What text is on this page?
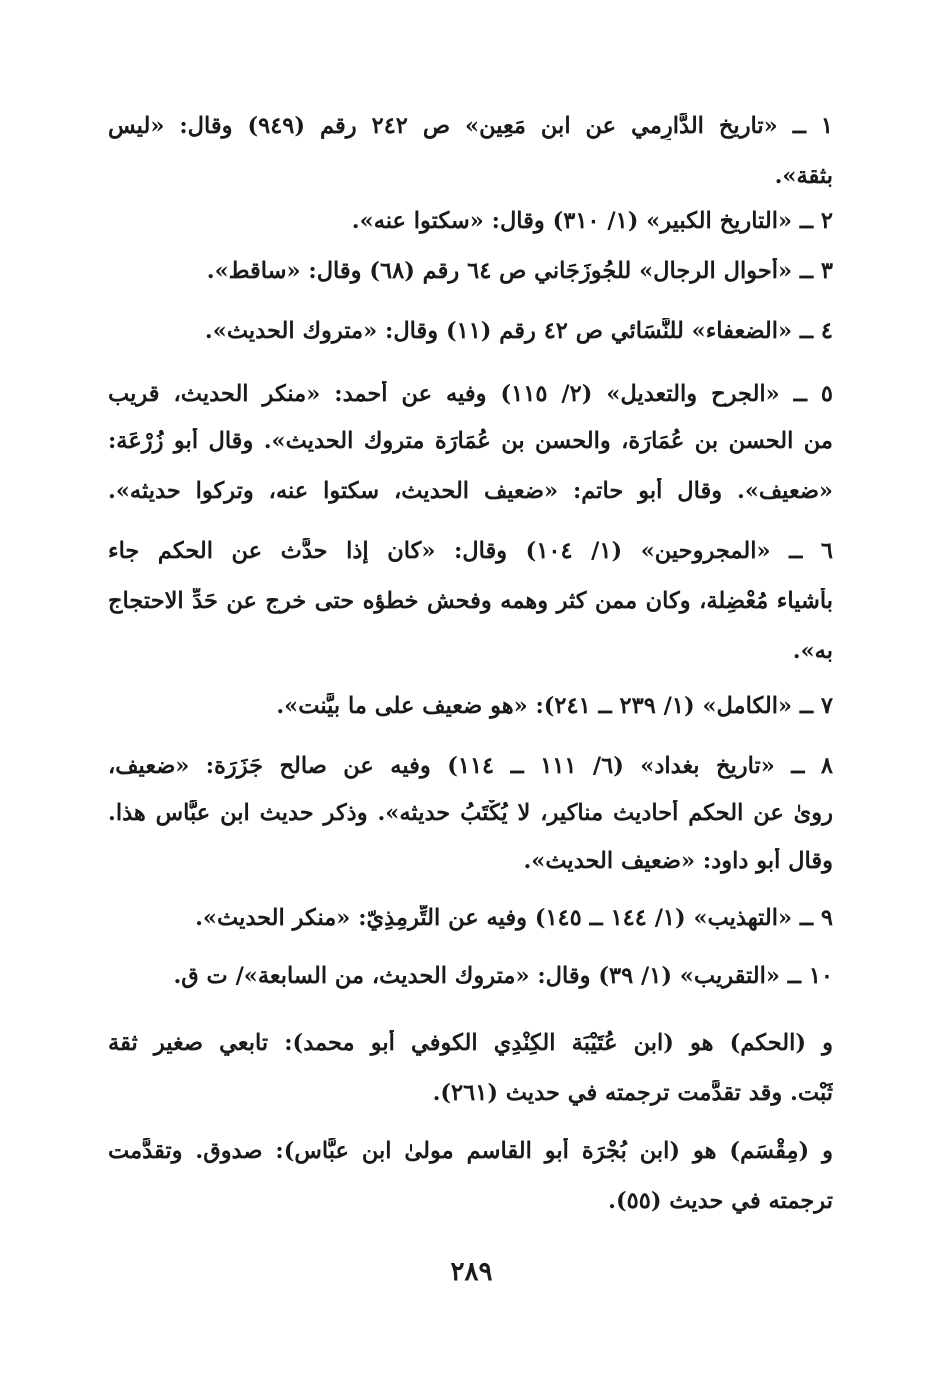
١ ــ «تاريخ الدَّارِمي عن ابن مَعِين» ص ٢٤٢ رقم (٩٤٩) وقال: «ليس
بثقة».
٢ ــ «التاريخ الكبير» (١/ ٣١٠) وقال: «سكتوا عنه».
٣ ــ «أحوال الرجال» للجُوزَجَاني ص ٦٤ رقم (٦٨) وقال: «ساقط».
٤ ــ «الضعفاء» للنَّسَائي ص ٤٢ رقم (١١) وقال: «متروك الحديث».
٥ ــ «الجرح والتعديل» (٢/ ١١٥) وفيه عن أحمد: «منكر الحديث، قريب
من الحسن بن عُمَارَة، والحسن بن عُمَارَة متروك الحديث». وقال أبو زُرْعَة:
«ضعيف». وقال أبو حاتم: «ضعيف الحديث، سكتوا عنه، وتركوا حديثه».
٦ ــ «المجروحين» (١/ ١٠٤) وقال: «كان إذا حدَّث عن الحكم جاء
بأشياء مُعْضِلة، وكان ممن كثر وهمه وفحش خطؤه حتى خرج عن حَدِّ الاحتجاج
به».
٧ ــ «الكامل» (١/ ٢٣٩ ــ ٢٤١): «هو ضعيف على ما بيَّنت».
٨ ــ «تاريخ بغداد» (٦/ ١١١ ــ ١١٤) وفيه عن صالح جَزَرَة: «ضعيف،
روىٰ عن الحكم أحاديث مناكير، لا يُكْتَبُ حديثه». وذكر حديث ابن عبَّاس هذا.
وقال أبو داود: «ضعيف الحديث».
٩ ــ «التهذيب» (١/ ١٤٤ ــ ١٤٥) وفيه عن التِّرمِذِيّ: «منكر الحديث».
١٠ ــ «التقريب» (١/ ٣٩) وقال: «متروك الحديث، من السابعة»/ ت ق.
و (الحكم) هو (ابن عُتَيْبَة الكِنْدِي الكوفي أبو محمد): تابعي صغير ثقة
ثَبْت. وقد تقدَّمت ترجمته في حديث (٢٦١).
و (مِقْسَم) هو (ابن بُجْرَة أبو القاسم مولىٰ ابن عبَّاس): صدوق. وتقدَّمت
ترجمته في حديث (٥٥).
٢٨٩
